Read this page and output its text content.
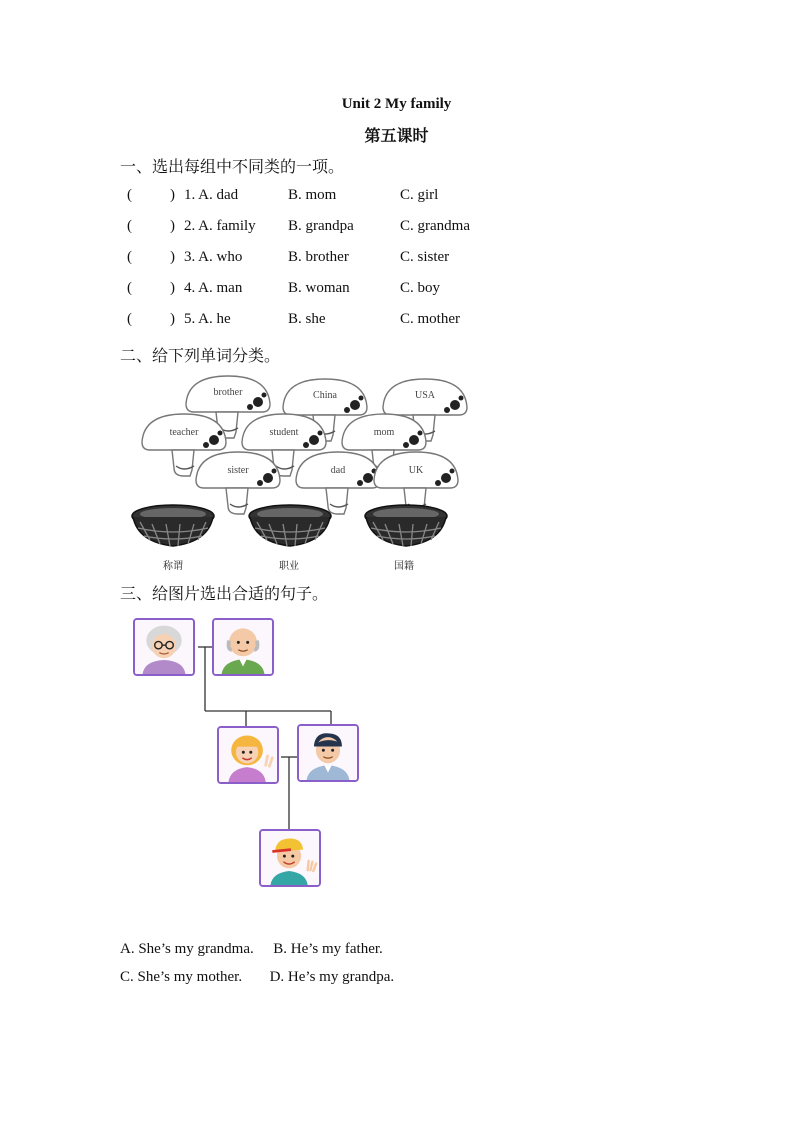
Unit 2 My family
第五课时
一、选出每组中不同类的一项。
(	) 1. A. dad	B. mom	C. girl
(	) 2. A. family B. grandpa	C. grandma
(	) 3. A. who	B. brother	C. sister
(	) 4. A. man	B. woman	C. boy
(	) 5. A. he	B. she	C. mother
二、给下列单词分类。
brother	China	USA
teacher	student	mom
sister	dad	UK
称谓	职业	国籍
三、给图片选出合适的句子。
A. She’s my grandma. B. He’s my father.
C. She’s my mother. D. He’s my grandpa.
